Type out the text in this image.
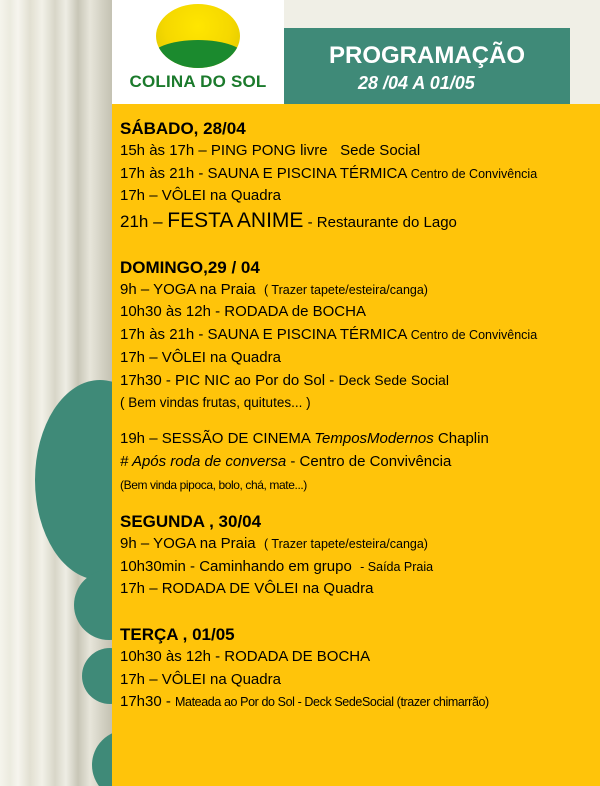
COLINA DO SOL
PROGRAMAÇÃO
28 /04 A 01/05
SÁBADO, 28/04
15h às 17h – PING PONG livre Sede Social
17h às 21h - SAUNA E PISCINA TÉRMICA Centro de Convivência
17h – VÔLEI na Quadra
21h – FESTA ANIME - Restaurante do Lago
DOMINGO,29 / 04
9h – YOGA na Praia ( Trazer tapete/esteira/canga)
10h30 às 12h - RODADA de BOCHA
17h às 21h - SAUNA E PISCINA TÉRMICA Centro de Convivência
17h – VÔLEI na Quadra
17h30 - PIC NIC ao Por do Sol - Deck Sede Social
( Bem vindas frutas, quitutes... )
19h – SESSÃO DE CINEMA TemposModernos Chaplin
# Após roda de conversa - Centro de Convivência
(Bem vinda pipoca, bolo, chá, mate...)
SEGUNDA , 30/04
9h – YOGA na Praia ( Trazer tapete/esteira/canga)
10h30min - Caminhando em grupo - Saída Praia
17h – RODADA DE VÔLEI na Quadra
TERÇA , 01/05
10h30 às 12h - RODADA DE BOCHA
17h – VÔLEI na Quadra
17h30 - Mateada ao Por do Sol - Deck SedeSocial (trazer chimarrão)
